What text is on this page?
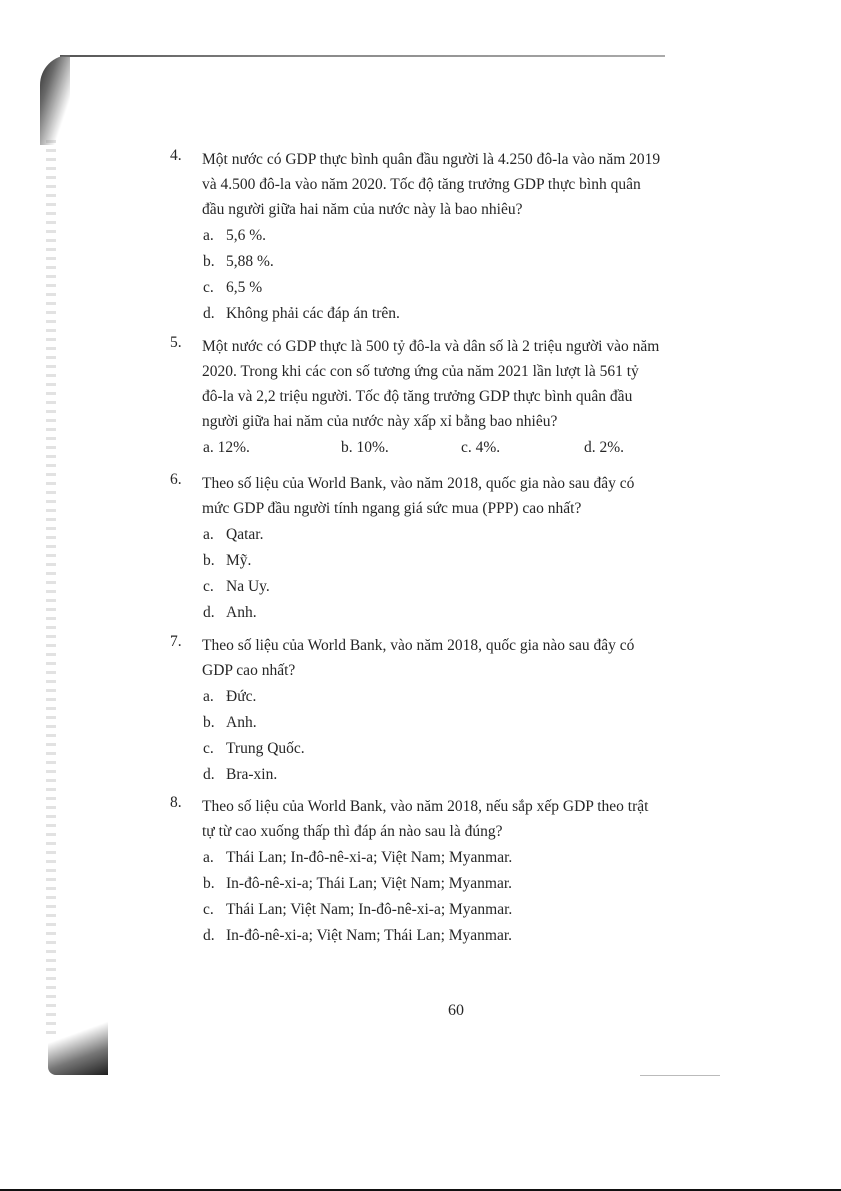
4. Một nước có GDP thực bình quân đầu người là 4.250 đô-la vào năm 2019
và 4.500 đô-la vào năm 2020. Tốc độ tăng trưởng GDP thực bình quân
đầu người giữa hai năm của nước này là bao nhiêu?
a. 5,6 %.
b. 5,88 %.
c. 6,5 %
d. Không phải các đáp án trên.
5. Một nước có GDP thực là 500 tỷ đô-la và dân số là 2 triệu người vào năm
2020. Trong khi các con số tương ứng của năm 2021 lần lượt là 561 tỷ
đô-la và 2,2 triệu người. Tốc độ tăng trưởng GDP thực bình quân đầu
người giữa hai năm của nước này xấp xỉ bằng bao nhiêu?
a. 12%.	b. 10%.	c. 4%.	d. 2%.
6. Theo số liệu của World Bank, vào năm 2018, quốc gia nào sau đây có
mức GDP đầu người tính ngang giá sức mua (PPP) cao nhất?
a. Qatar.
b. Mỹ.
c. Na Uy.
d. Anh.
7. Theo số liệu của World Bank, vào năm 2018, quốc gia nào sau đây có
GDP cao nhất?
a. Đức.
b. Anh.
c. Trung Quốc.
d. Bra-xin.
8. Theo số liệu của World Bank, vào năm 2018, nếu sắp xếp GDP theo trật
tự từ cao xuống thấp thì đáp án nào sau là đúng?
a. Thái Lan; In-đô-nê-xi-a; Việt Nam; Myanmar.
b. In-đô-nê-xi-a; Thái Lan; Việt Nam; Myanmar.
c. Thái Lan; Việt Nam; In-đô-nê-xi-a; Myanmar.
d. In-đô-nê-xi-a; Việt Nam; Thái Lan; Myanmar.
60
